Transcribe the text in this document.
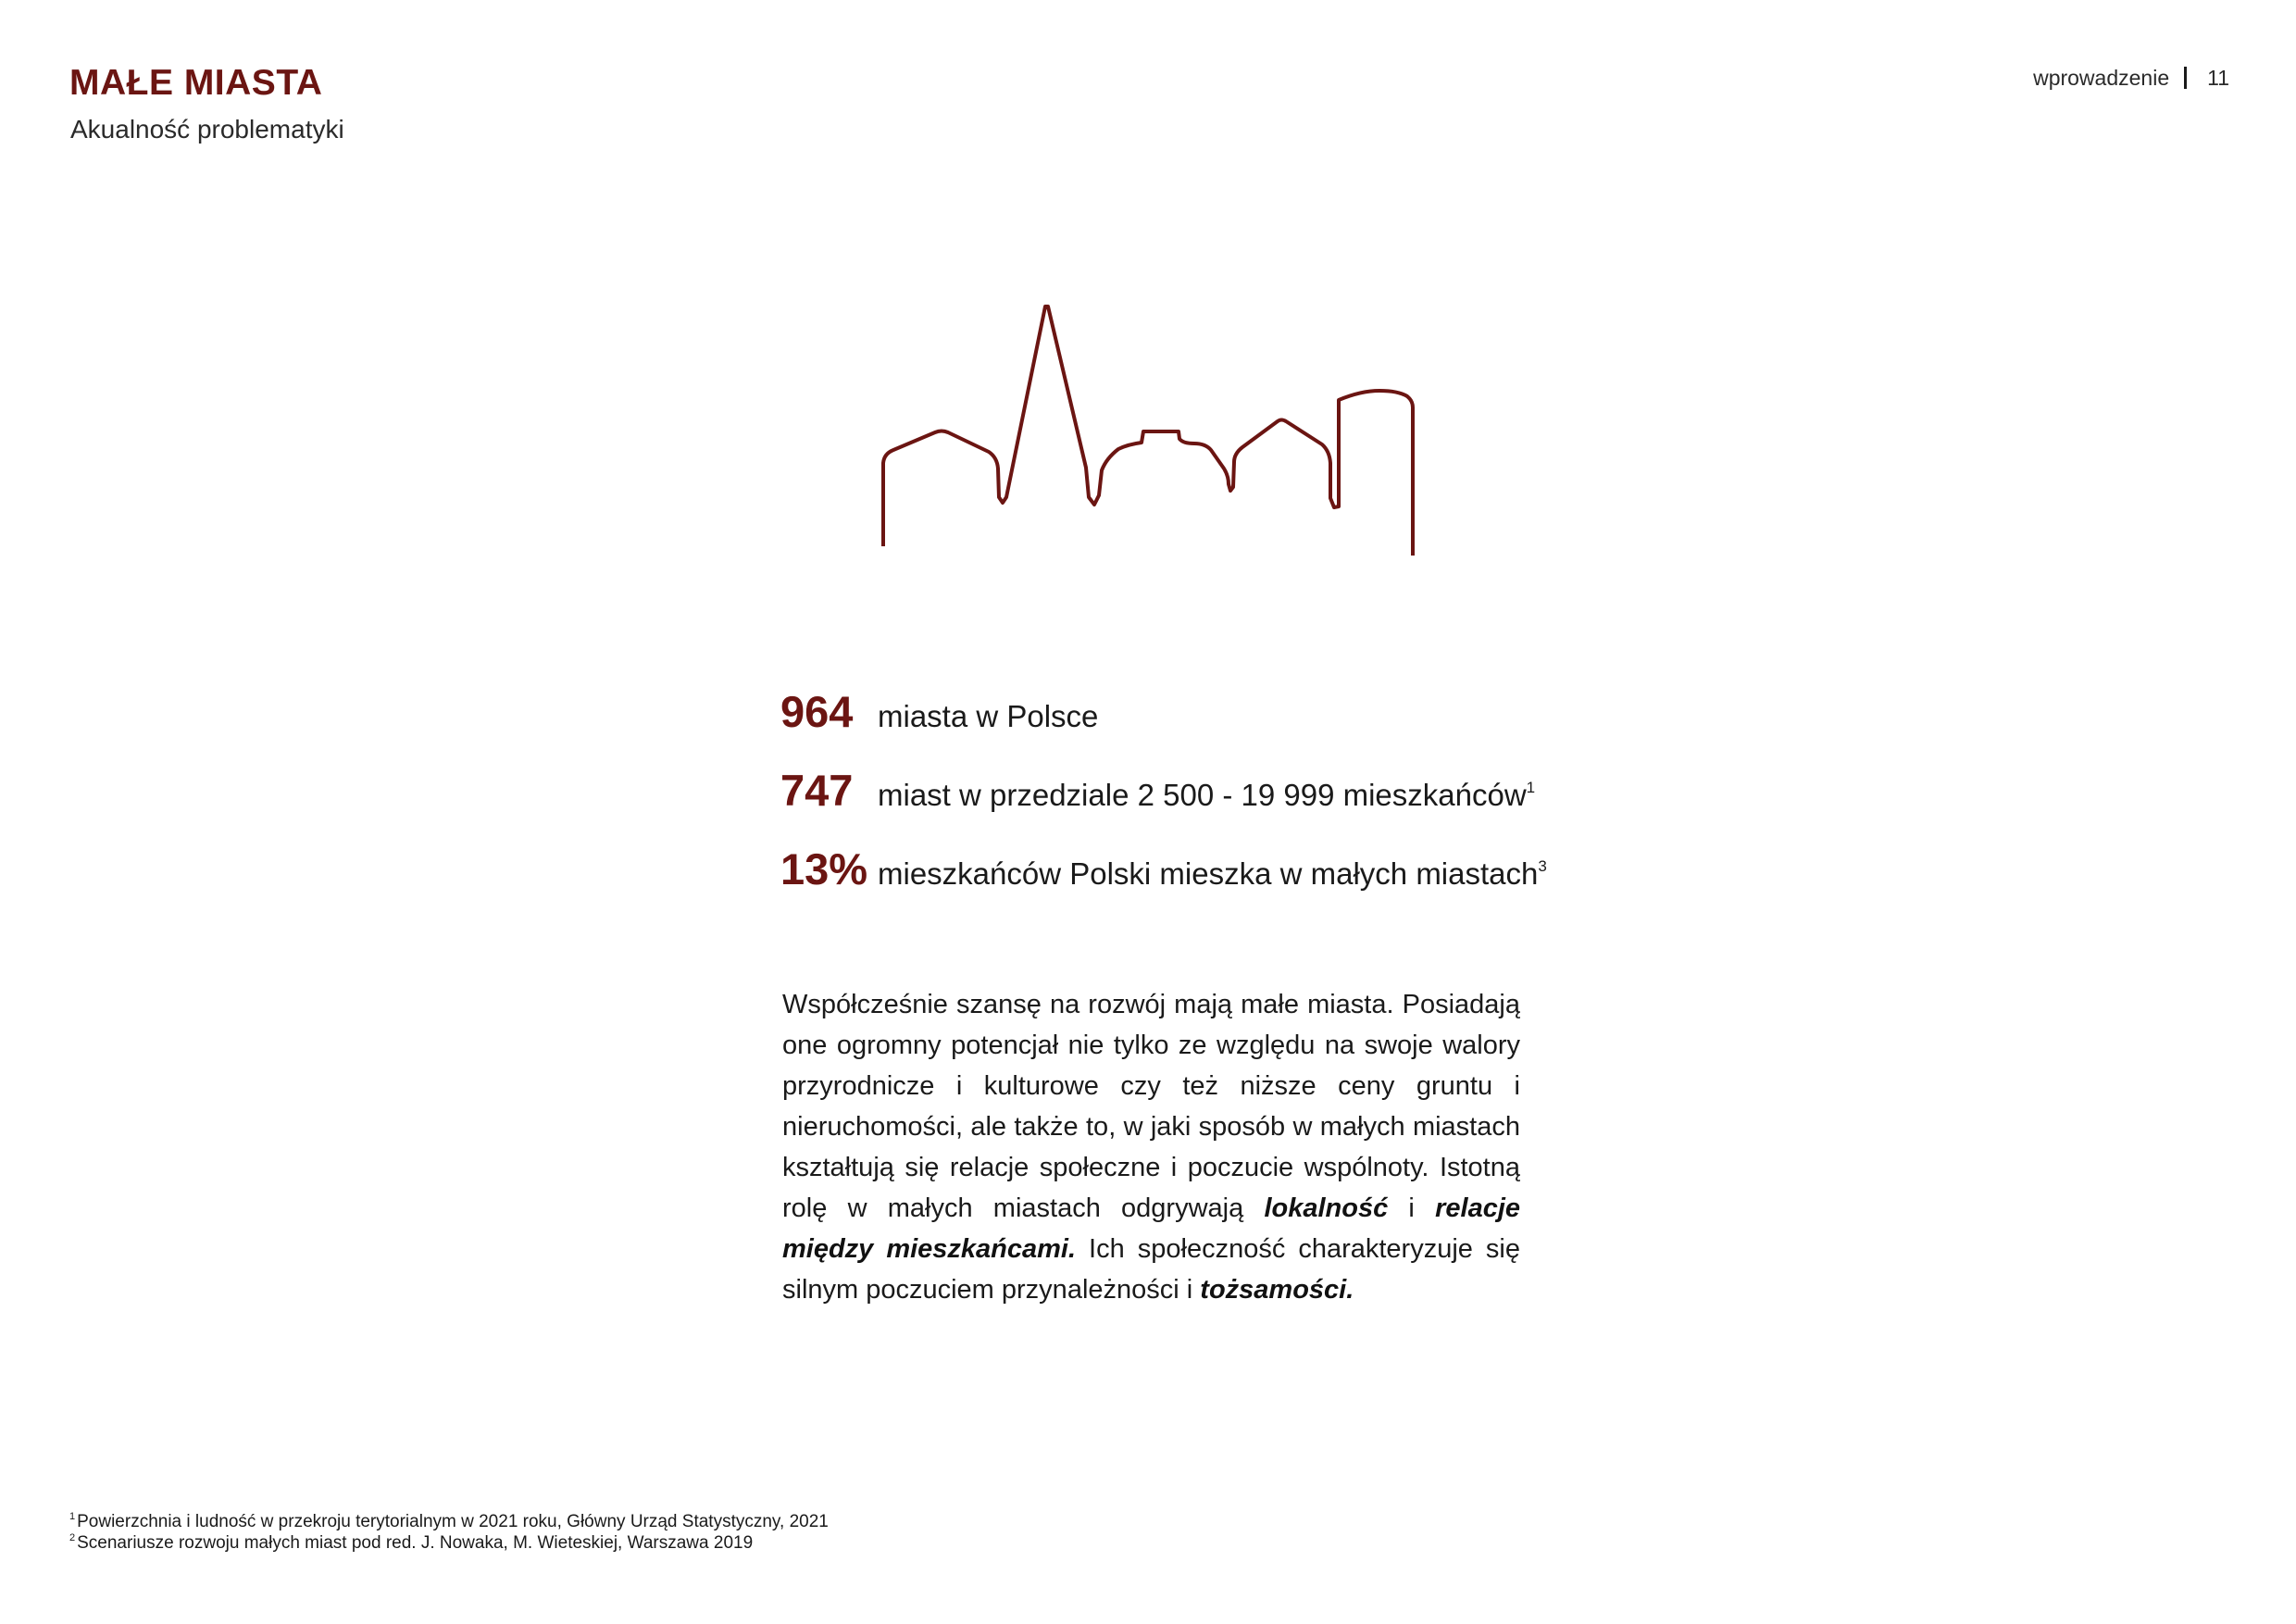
MAŁE MIASTA
Akualność problematyki
wprowadzenie 11
964 miasta w Polsce
747 miast w przedziale 2 500 - 19 999 mieszkańców$^1$
13% mieszkańców Polski mieszka w małych miastach$^3$

Współcześnie szansę na rozwój mają małe miasta. Posiadają one ogromny potencjał nie tylko ze względu na swoje walory przyrodnicze i kulturowe czy też niższe ceny gruntu i nieruchomości, ale także to, w jaki sposób w małych miastach kształtują się relacje społeczne i poczucie wspólnoty. Istotną rolę w małych miastach odgrywają lokalność i relacje między mieszkańcami. Ich społeczność charakteryzuje się silnym poczuciem przynależności i tożsamości.

$^1$ Powierzchnia i ludność w przekroju terytorialnym w 2021 roku, Główny Urząd Statystyczny, 2021
$^2$ Scenariusze rozwoju małych miast pod red. J. Nowaka, M. Wieteskiej, Warszawa 2019
